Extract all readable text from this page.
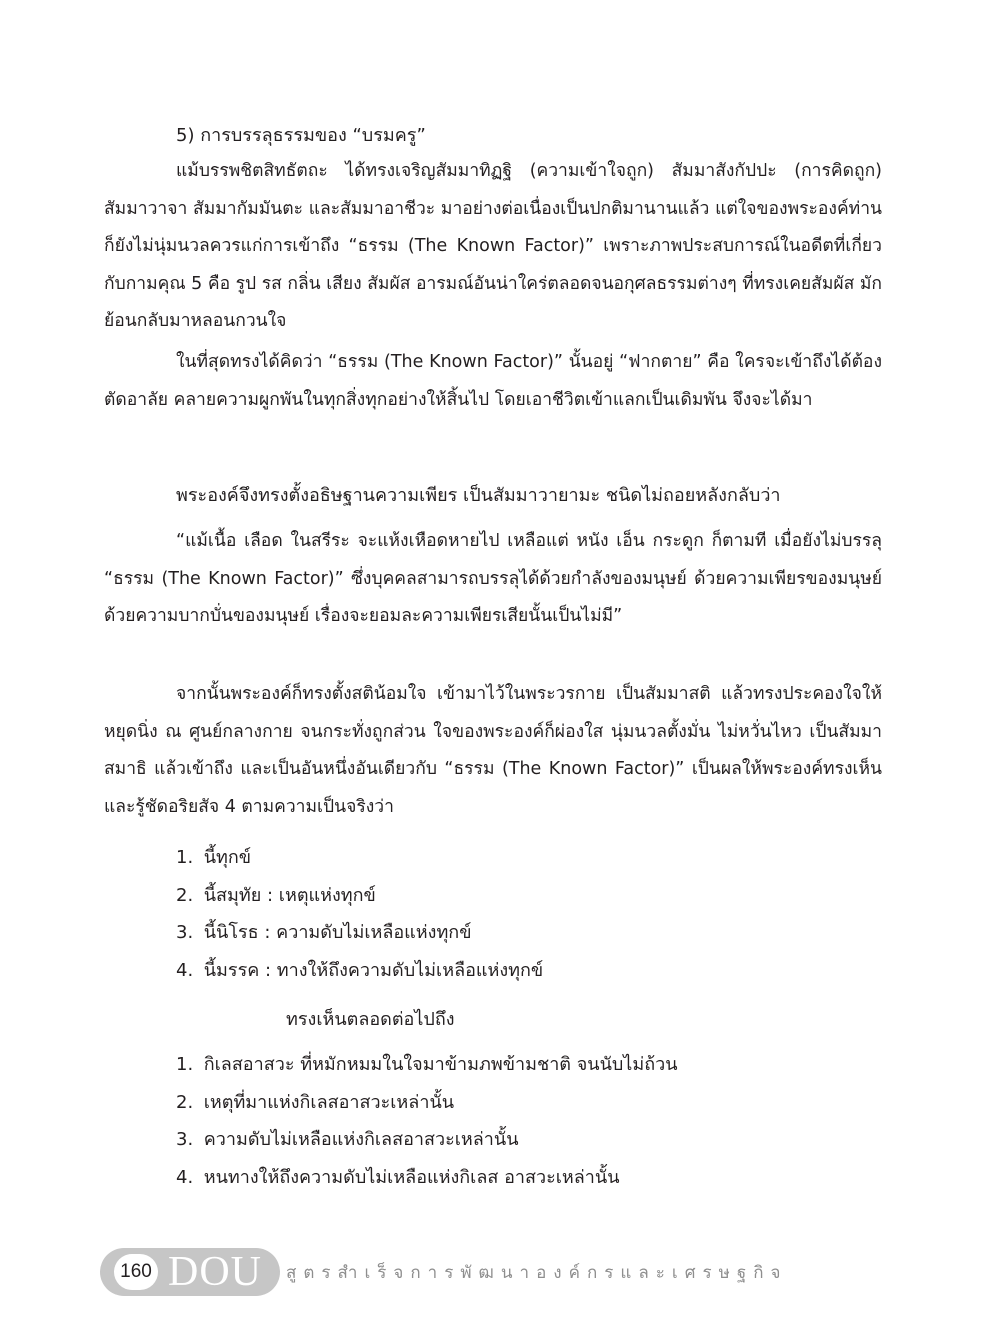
5) การบรรลุธรรมของ “บรมครู”

แม้บรรพชิตสิทธัตถะ ได้ทรงเจริญสัมมาทิฏฐิ (ความเข้าใจถูก) สัมมาสังกัปปะ (การคิดถูก) สัมมาวาจา สัมมากัมมันตะ และสัมมาอาชีวะ มาอย่างต่อเนื่องเป็นปกติมานานแล้ว แต่ใจของพระองค์ท่าน ก็ยังไม่นุ่มนวลควรแก่การเข้าถึง “ธรรม (The Known Factor)” เพราะภาพประสบการณ์ในอดีตที่เกี่ยวกับกามคุณ 5 คือ รูป รส กลิ่น เสียง สัมผัส อารมณ์อันน่าใคร่ตลอดจนอกุศลธรรมต่างๆ ที่ทรงเคยสัมผัส มักย้อนกลับมาหลอนกวนใจ

ในที่สุดทรงได้คิดว่า “ธรรม (The Known Factor)” นั้นอยู่ “ฟากตาย” คือ ใครจะเข้าถึงได้ต้องตัดอาลัย คลายความผูกพันในทุกสิ่งทุกอย่างให้สิ้นไป โดยเอาชีวิตเข้าแลกเป็นเดิมพัน จึงจะได้มา

พระองค์จึงทรงตั้งอธิษฐานความเพียร เป็นสัมมาวายามะ ชนิดไม่ถอยหลังกลับว่า

“แม้เนื้อ เลือด ในสรีระ จะแห้งเหือดหายไป เหลือแต่ หนัง เอ็น กระดูก ก็ตามที เมื่อยังไม่บรรลุ “ธรรม (The Known Factor)” ซึ่งบุคคลสามารถบรรลุได้ด้วยกำลังของมนุษย์ ด้วยความเพียรของมนุษย์ ด้วยความบากบั่นของมนุษย์ เรื่องจะยอมละความเพียรเสียนั้นเป็นไม่มี”

จากนั้นพระองค์ก็ทรงตั้งสติน้อมใจ เข้ามาไว้ในพระวรกาย เป็นสัมมาสติ แล้วทรงประคองใจให้หยุดนิ่ง ณ ศูนย์กลางกาย จนกระทั่งถูกส่วน ใจของพระองค์ก็ผ่องใส นุ่มนวลตั้งมั่น ไม่หวั่นไหว เป็นสัมมาสมาธิ แล้วเข้าถึง และเป็นอันหนึ่งอันเดียวกับ “ธรรม (The Known Factor)” เป็นผลให้พระองค์ทรงเห็นและรู้ชัดอริยสัจ 4 ตามความเป็นจริงว่า

1. นี้ทุกข์
2. นี้สมุทัย : เหตุแห่งทุกข์
3. นี้นิโรธ : ความดับไม่เหลือแห่งทุกข์
4. นี้มรรค : ทางให้ถึงความดับไม่เหลือแห่งทุกข์
ทรงเห็นตลอดต่อไปถึง
1. กิเลสอาสวะ ที่หมักหมมในใจมาข้ามภพข้ามชาติ จนนับไม่ถ้วน
2. เหตุที่มาแห่งกิเลสอาสวะเหล่านั้น
3. ความดับไม่เหลือแห่งกิเลสอาสวะเหล่านั้น
4. หนทางให้ถึงความดับไม่เหลือแห่งกิเลส อาสวะเหล่านั้น
160 DOU สูตรสำเร็จการพัฒนาองค์กรและเศรษฐกิจ
